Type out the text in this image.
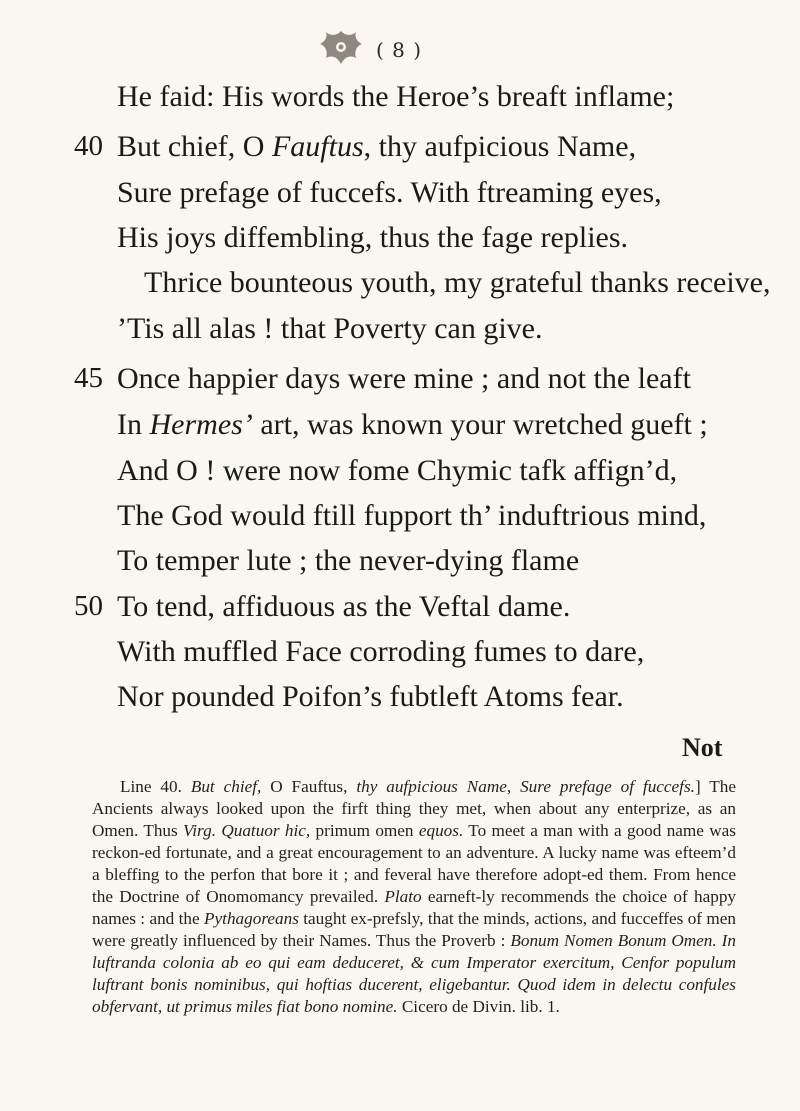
( 8 )
He faid: His words the Heroe’s breaft inflame;
40 But chief, O Fauftus, thy aufpicious Name,
Sure prefage of fuccefs. With ftreaming eyes,
His joys diffembling, thus the fage replies.
Thrice bounteous youth, my grateful thanks receive,
’Tis all alas ! that Poverty can give.
45 Once happier days were mine ; and not the leaft
In Hermes’ art, was known your wretched gueft ;
And O ! were now fome Chymic tafk affign’d,
The God would ftill fupport th’ induftrious mind,
To temper lute ; the never-dying flame
50 To tend, affiduous as the Veftal dame.
With muffled Face corroding fumes to dare,
Nor pounded Poifon’s fubtleft Atoms fear.
Not
Line 40. But chief, O Fauftus, thy aufpicious Name, Sure prefage of fuccefs.] The Ancients always looked upon the firft thing they met, when about any enterprize, as an Omen. Thus Virg. Quatuor hic, primum omen equos. To meet a man with a good name was reckon-ed fortunate, and a great encouragement to an adventure. A lucky name was efteem’d a bleffing to the perfon that bore it ; and feveral have therefore adopt-ed them. From hence the Doctrine of Onomomancy prevailed. Plato earneft-ly recommends the choice of happy names : and the Pythagoreans taught ex-prefsly, that the minds, actions, and fucceffes of men were greatly influenced by their Names. Thus the Proverb : Bonum Nomen Bonum Omen. In luftranda colonia ab eo qui eam deduceret, & cum Imperator exercitum, Cenfor populum luftrant bonis nominibus, qui hoftias ducerent, eligebantur. Quod idem in delectu confules obfervant, ut primus miles fiat bono nomine. Cicero de Divin. lib. 1.
